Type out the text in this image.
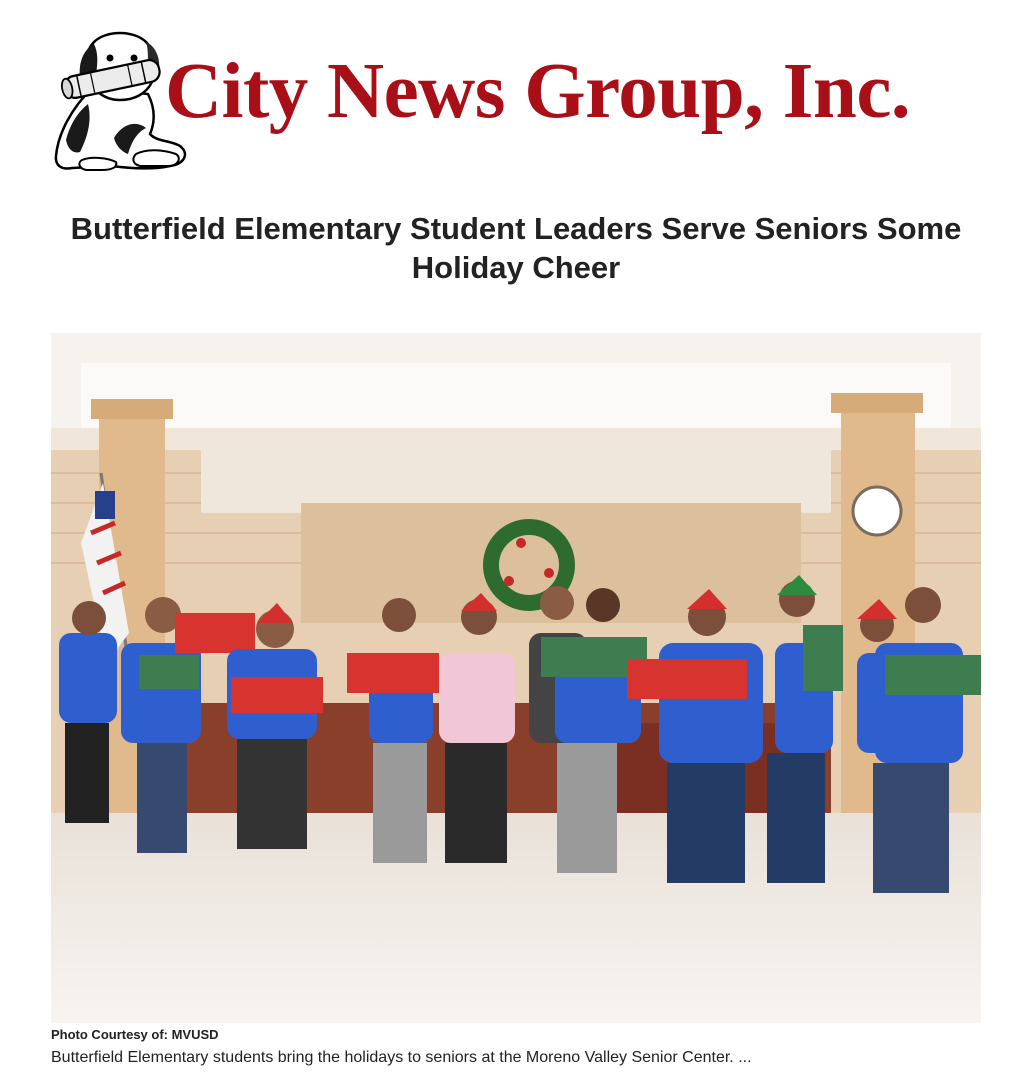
City News Group, Inc.
Butterfield Elementary Student Leaders Serve Seniors Some Holiday Cheer
Photo Courtesy of: MVUSD
Butterfield Elementary students bring the holidays to seniors at the Moreno Valley Senior Center. ...
